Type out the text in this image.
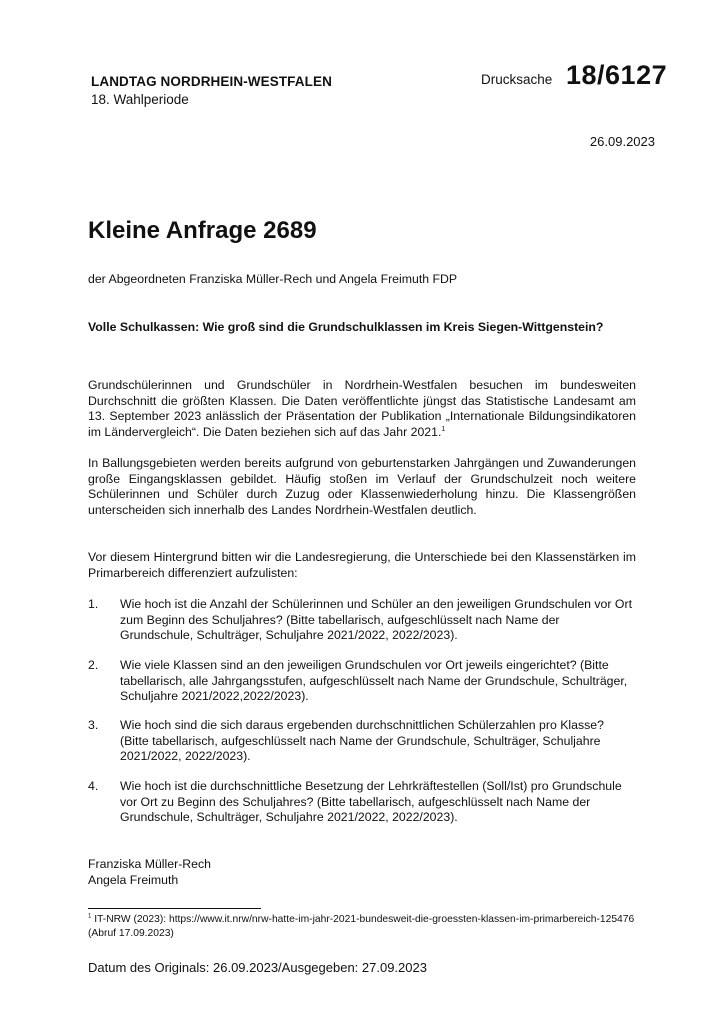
LANDTAG NORDRHEIN-WESTFALEN
18. Wahlperiode
Drucksache 18/6127
26.09.2023
Kleine Anfrage 2689
der Abgeordneten Franziska Müller-Rech und Angela Freimuth FDP
Volle Schulkassen: Wie groß sind die Grundschulklassen im Kreis Siegen-Wittgenstein?

Grundschülerinnen und Grundschüler in Nordrhein-Westfalen besuchen im bundesweiten Durchschnitt die größten Klassen. Die Daten veröffentlichte jüngst das Statistische Landesamt am 13. September 2023 anlässlich der Präsentation der Publikation „Internationale Bildungsindikatoren im Ländervergleich“. Die Daten beziehen sich auf das Jahr 2021.$^1$

In Ballungsgebieten werden bereits aufgrund von geburtenstarken Jahrgängen und Zuwanderungen große Eingangsklassen gebildet. Häufig stoßen im Verlauf der Grundschulzeit noch weitere Schülerinnen und Schüler durch Zuzug oder Klassenwiederholung hinzu. Die Klassengrößen unterscheiden sich innerhalb des Landes Nordrhein-Westfalen deutlich.

Vor diesem Hintergrund bitten wir die Landesregierung, die Unterschiede bei den Klassenstärken im Primarbereich differenziert aufzulisten:

1.	Wie hoch ist die Anzahl der Schülerinnen und Schüler an den jeweiligen Grundschulen vor Ort zum Beginn des Schuljahres? (Bitte tabellarisch, aufgeschlüsselt nach Name der Grundschule, Schulträger, Schuljahre 2021/2022, 2022/2023).
2.	Wie viele Klassen sind an den jeweiligen Grundschulen vor Ort jeweils eingerichtet? (Bitte tabellarisch, alle Jahrgangsstufen, aufgeschlüsselt nach Name der Grundschule, Schulträger, Schuljahre 2021/2022,2022/2023).
3.	Wie hoch sind die sich daraus ergebenden durchschnittlichen Schülerzahlen pro Klasse? (Bitte tabellarisch, aufgeschlüsselt nach Name der Grundschule, Schulträger, Schuljahre 2021/2022, 2022/2023).
4.	Wie hoch ist die durchschnittliche Besetzung der Lehrkräftestellen (Soll/Ist) pro Grundschule vor Ort zu Beginn des Schuljahres? (Bitte tabellarisch, aufgeschlüsselt nach Name der Grundschule, Schulträger, Schuljahre 2021/2022, 2022/2023).
Franziska Müller-Rech
Angela Freimuth
$^1$ IT-NRW (2023): https://www.it.nrw/nrw-hatte-im-jahr-2021-bundesweit-die-groessten-klassen-im-primarbereich-125476 (Abruf 17.09.2023)
Datum des Originals: 26.09.2023/Ausgegeben: 27.09.2023
